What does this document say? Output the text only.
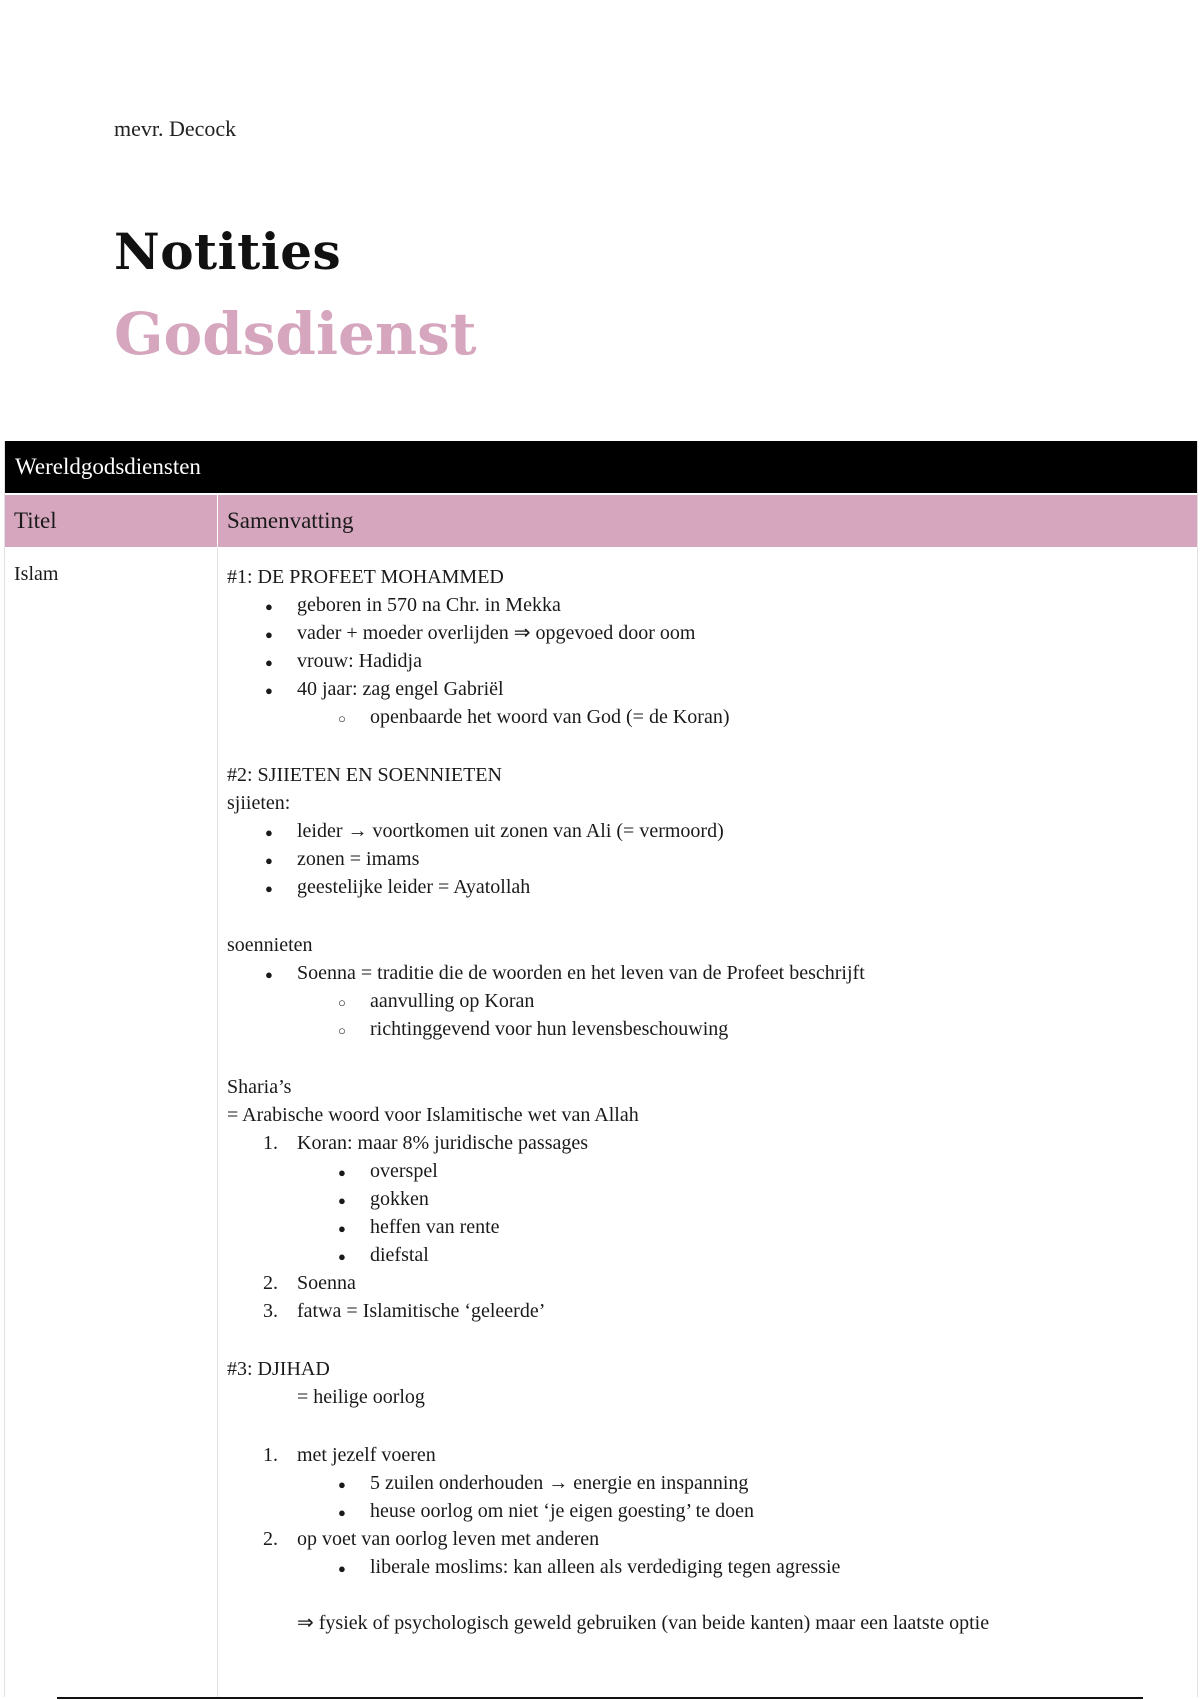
mevr. Decock
Notities
Godsdienst
Wereldgodsdiensten
Titel	Samenvatting
Islam	#1: DE PROFEET MOHAMMED
geboren in 570 na Chr. in Mekka
●
vader + moeder overlijden ⇒ opgevoed door oom
●
vrouw: Hadidja
●
40 jaar: zag engel Gabriël
●
openbaarde het woord van God (= de Koran)
○
#2: SJIIETEN EN SOENNIETEN
sjiieten:
leider → voortkomen uit zonen van Ali (= vermoord)
●
zonen = imams
●
geestelijke leider = Ayatollah
●
soennieten
Soenna = traditie die de woorden en het leven van de Profeet beschrijft
●
aanvulling op Koran
○
richtinggevend voor hun levensbeschouwing
○
Sharia’s
= Arabische woord voor Islamitische wet van Allah
Koran: maar 8% juridische passages
1.
overspel
●
gokken
●
heffen van rente
●
diefstal
●
Soenna
2.
fatwa = Islamitische ‘geleerde’
3.
#3: DJIHAD
= heilige oorlog
met jezelf voeren
1.
5 zuilen onderhouden → energie en inspanning
●
heuse oorlog om niet ‘je eigen goesting’ te doen
●
op voet van oorlog leven met anderen
2.
liberale moslims: kan alleen als verdediging tegen agressie
●
⇒ fysiek of psychologisch geweld gebruiken (van beide kanten) maar een laatste optie
